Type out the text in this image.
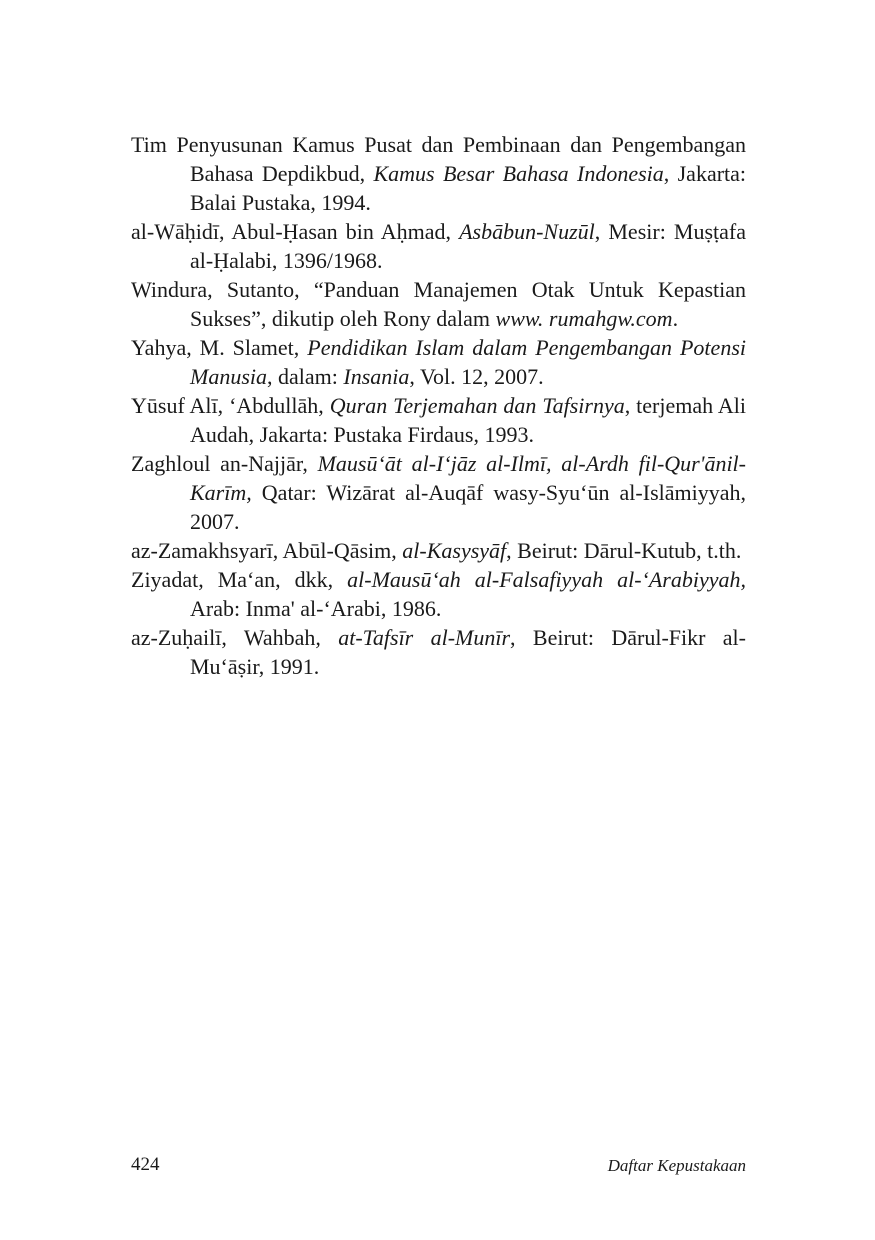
Tim Penyusunan Kamus Pusat dan Pembinaan dan Pengembangan Bahasa Depdikbud, Kamus Besar Bahasa Indonesia, Jakarta: Balai Pustaka, 1994.

al-Wāḥidī, Abul-Ḥasan bin Aḥmad, Asbābun-Nuzūl, Mesir: Muṣṭafa al-Ḥalabi, 1396/1968.

Windura, Sutanto, “Panduan Manajemen Otak Untuk Kepastian Sukses”, dikutip oleh Rony dalam www. rumahgw.com.

Yahya, M. Slamet, Pendidikan Islam dalam Pengembangan Potensi Manusia, dalam: Insania, Vol. 12, 2007.

Yūsuf Alī, ‘Abdullāh, Quran Terjemahan dan Tafsirnya, terjemah Ali Audah, Jakarta: Pustaka Firdaus, 1993.

Zaghloul an-Najjār, Mausū‘āt al-I‘jāz al-Ilmī, al-Ardh fil-Qur'ānil-Karīm, Qatar: Wizārat al-Auqāf wasy-Syu‘ūn al-Islāmiyyah, 2007.

az-Zamakhsyarī, Abūl-Qāsim, al-Kasysyāf, Beirut: Dārul-Kutub, t.th.

Ziyadat, Ma‘an, dkk, al-Mausū‘ah al-Falsafiyyah al-‘Arabiyyah, Arab: Inma' al-‘Arabi, 1986.

az-Zuḥailī, Wahbah, at-Tafsīr al-Munīr, Beirut: Dārul-Fikr al-Mu‘āṣir, 1991.

424	Daftar Kepustakaan
